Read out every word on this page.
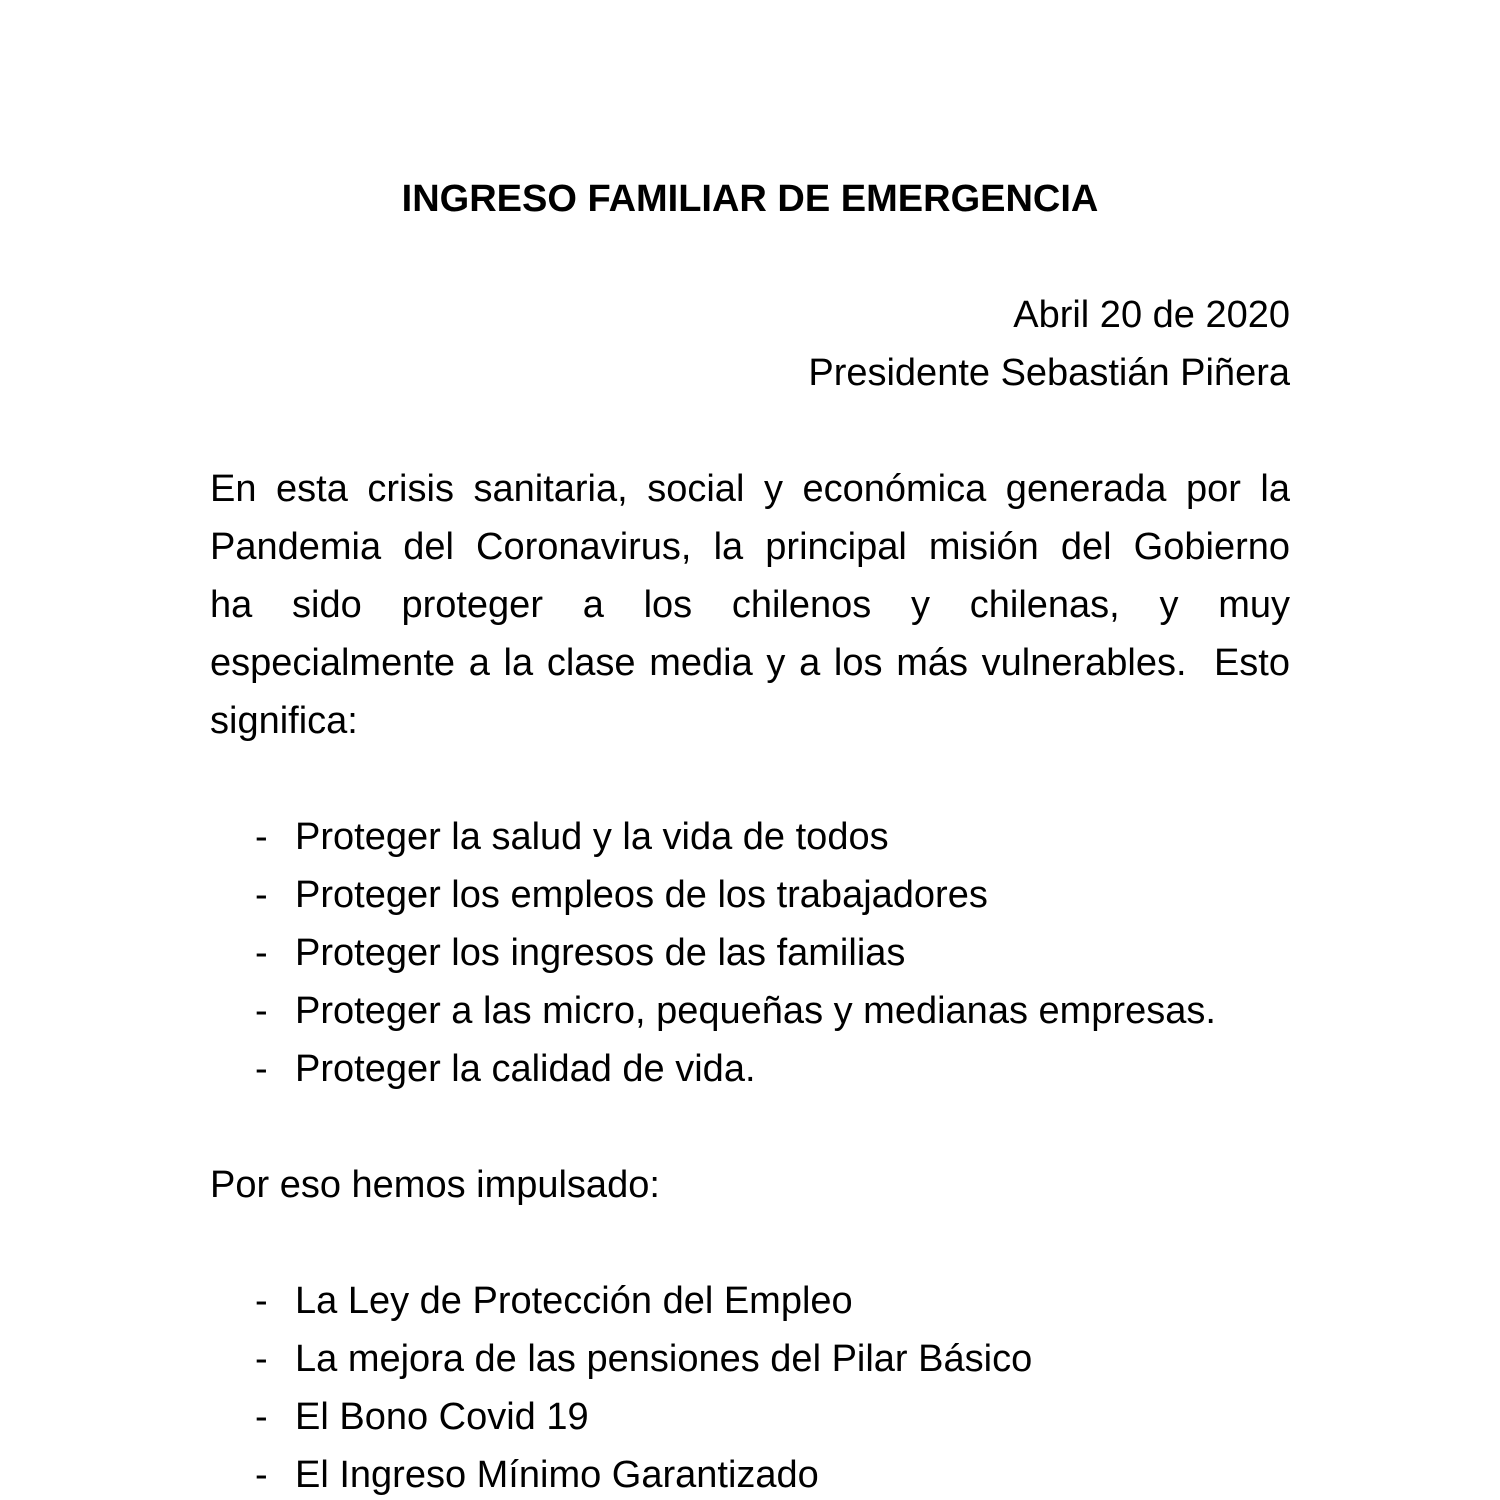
INGRESO FAMILIAR DE EMERGENCIA
Abril 20 de 2020
Presidente Sebastián Piñera
En esta crisis sanitaria, social y económica generada por la
Pandemia del Coronavirus, la principal misión del Gobierno
ha sido proteger a los chilenos y chilenas, y muy
especialmente a la clase media y a los más vulnerables.  Esto
significa:
- Proteger la salud y la vida de todos
- Proteger los empleos de los trabajadores
- Proteger los ingresos de las familias
- Proteger a las micro, pequeñas y medianas empresas.
- Proteger la calidad de vida.
Por eso hemos impulsado:
- La Ley de Protección del Empleo
- La mejora de las pensiones del Pilar Básico
- El Bono Covid 19
- El Ingreso Mínimo Garantizado
